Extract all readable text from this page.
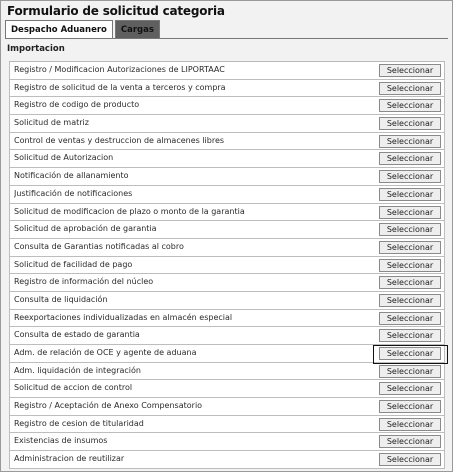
Formulario de solicitud categoria
Despacho Aduanero	Cargas
Importacion
Registro / Modificacion Autorizaciones de LIPORTAAC	Seleccionar
Registro de solicitud de la venta a terceros y compra	Seleccionar
Registro de codigo de producto	Seleccionar
Solicitud de matriz	Seleccionar
Control de ventas y destruccion de almacenes libres	Seleccionar
Solicitud de Autorizacion	Seleccionar
Notificación de allanamiento	Seleccionar
Justificación de notificaciones	Seleccionar
Solicitud de modificacion de plazo o monto de la garantia	Seleccionar
Solicitud de aprobación de garantia	Seleccionar
Consulta de Garantias notificadas al cobro	Seleccionar
Solicitud de facilidad de pago	Seleccionar
Registro de información del núcleo	Seleccionar
Consulta de liquidación	Seleccionar
Reexportaciones individualizadas en almacén especial	Seleccionar
Consulta de estado de garantia	Seleccionar
Adm. de relación de OCE y agente de aduana	Seleccionar
Adm. liquidación de integración	Seleccionar
Solicitud de accion de control	Seleccionar
Registro / Aceptación de Anexo Compensatorio	Seleccionar
Registro de cesion de titularidad	Seleccionar
Existencias de insumos	Seleccionar
Administracion de reutilizar	Seleccionar
